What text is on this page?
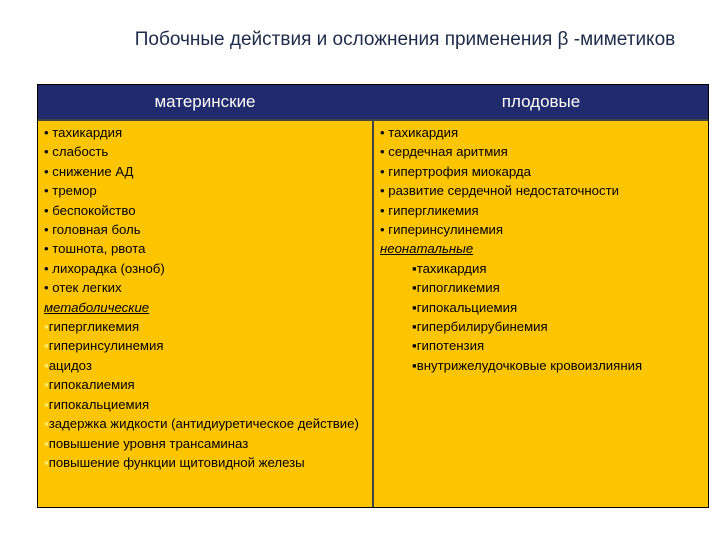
Побочные действия и осложнения применения β -миметиков
материнские	плодовые
• тахикардия
• слабость
• снижение АД
• тремор
• беспокойство
• головная боль
• тошнота, рвота
• лихорадка (озноб)
• отек легких
метаболические
▪ гипергликемия
▪ гиперинсулинемия
▪ ацидоз
▪ гипокалиемия
▪ гипокальциемия
▪ задержка жидкости (антидиуретическое действие)
▪ повышение уровня трансаминаз
▪ повышение функции щитовидной железы
• тахикардия
• сердечная аритмия
• гипертрофия миокарда
• развитие сердечной недостаточности
• гипергликемия
• гиперинсулинемия
неонатальные
▪ тахикардия
▪ гипогликемия
▪ гипокальциемия
▪ гипербилирубинемия
▪ гипотензия
▪ внутрижелудочковые кровоизлияния
